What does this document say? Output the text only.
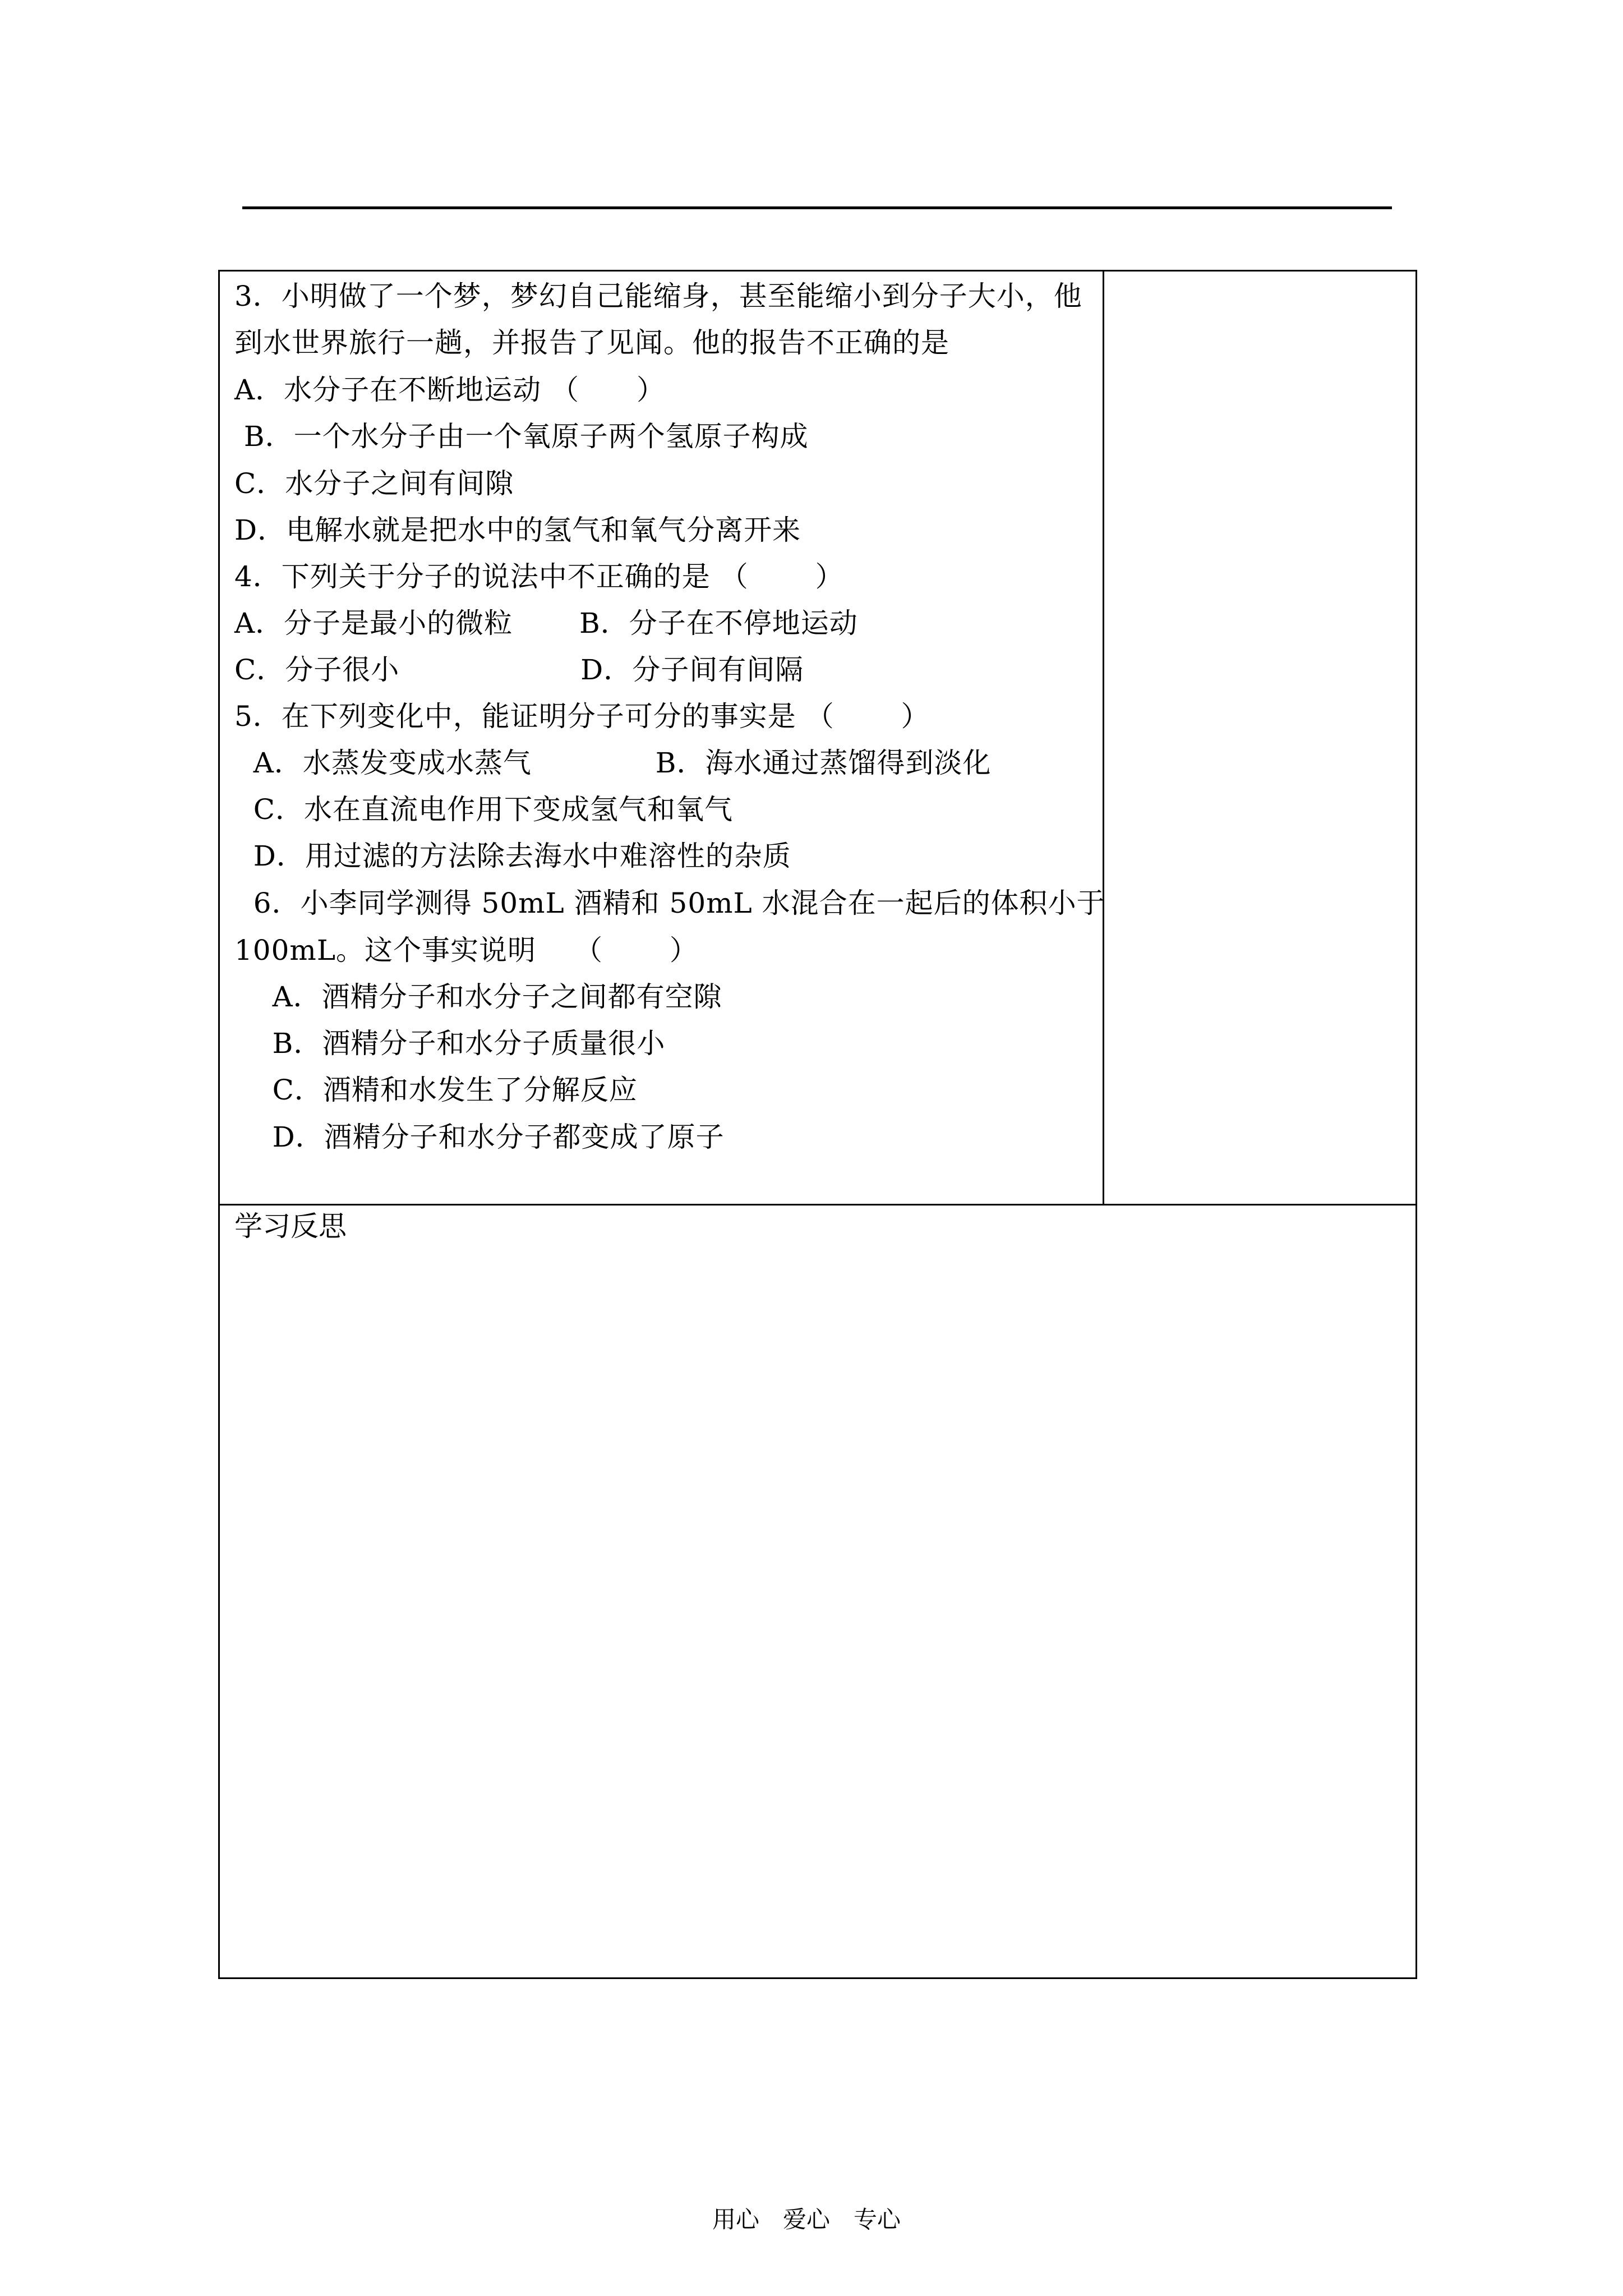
3．小明做了一个梦，梦幻自己能缩身，甚至能缩小到分子大小，他
到水世界旅行一趟，并报告了见闻。他的报告不正确的是
A．水分子在不断地运动 （　　）
B．一个水分子由一个氧原子两个氢原子构成
C．水分子之间有间隙
D．电解水就是把水中的氢气和氧气分离开来
4．下列关于分子的说法中不正确的是 （　　 ）
A．分子是最小的微粒　　 B．分子在不停地运动
C．分子很小　　　　　　 D．分子间有间隔
5．在下列变化中，能证明分子可分的事实是 （　　 ）
A．水蒸发变成水蒸气　　　　 B．海水通过蒸馏得到淡化
C．水在直流电作用下变成氢气和氧气
D．用过滤的方法除去海水中难溶性的杂质
6．小李同学测得 50mL 酒精和 50mL 水混合在一起后的体积小于
100mL。这个事实说明　 （　　 ）
A．酒精分子和水分子之间都有空隙
B．酒精分子和水分子质量很小
C．酒精和水发生了分解反应
D．酒精分子和水分子都变成了原子
学习反思
用心　爱心　专心
